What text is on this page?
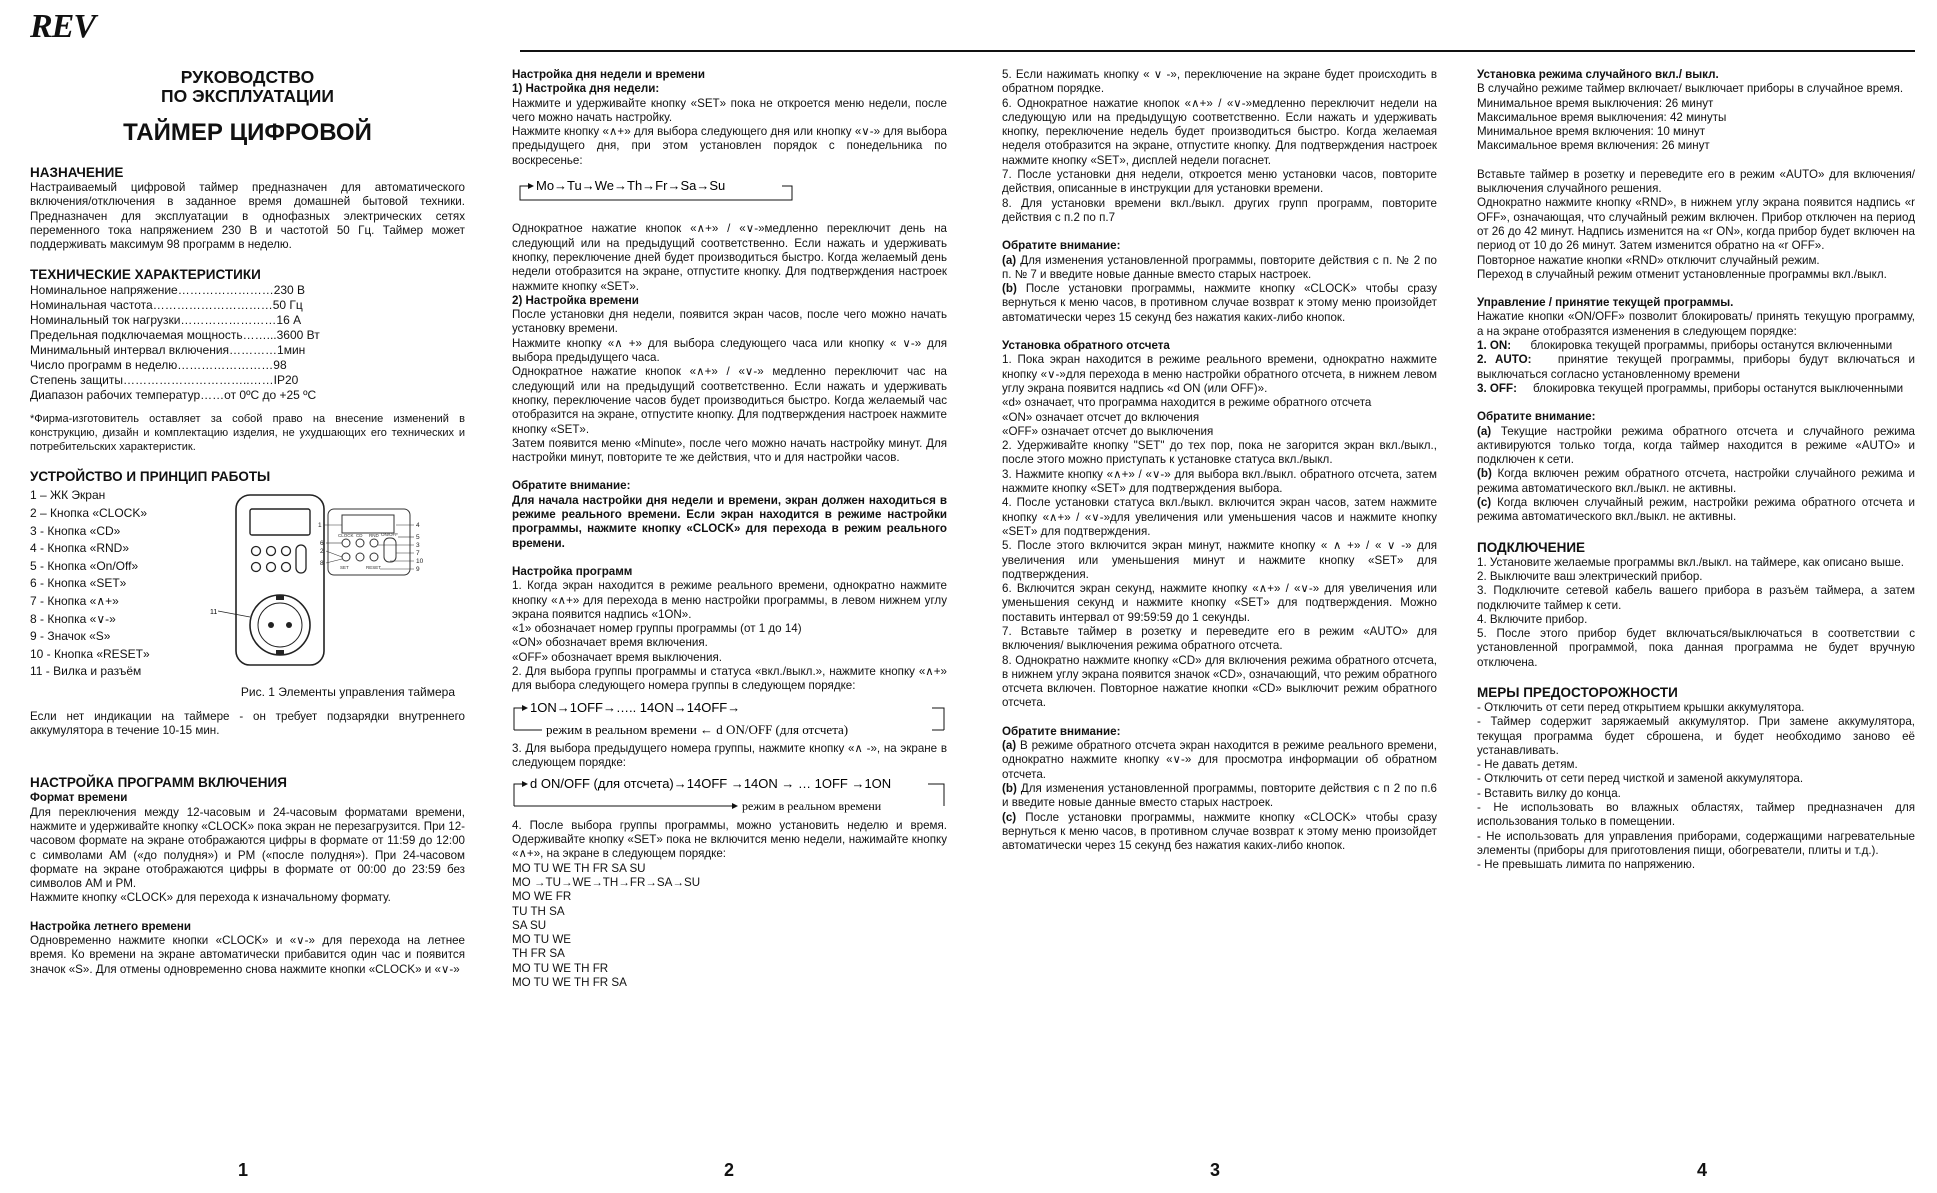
REV

РУКОВОДСТВО

ПО ЭКСПЛУАТАЦИИ

ТАЙМЕР ЦИФРОВОЙ

НАЗНАЧЕНИЕ

Настраиваемый цифровой таймер предназначен для автоматического включения/отключения в заданное время домашней бытовой техники. Предназначен для эксплуатации в однофазных электрических сетях переменного тока напряжением 230 В и частотой 50 Гц. Таймер может поддерживать максимум 98 программ в неделю.

ТЕХНИЧЕСКИЕ ХАРАКТЕРИСТИКИ

Номинальное напряжение……………………230 В

Номинальная частота…………………………50 Гц

Номинальный ток нагрузки……………………16 А

Предельная подключаемая мощность……...3600 Вт

Минимальный интервал включения…………1мин

Число программ в неделю……………………98

Степень защиты…………………………..……IP20

Диапазон рабочих температур……от 0ºС до +25 ºС

*Фирма-изготовитель оставляет за собой право на внесение изменений в конструкцию, дизайн и комплектацию изделия, не ухудшающих его технических и потребительских характеристик.

УСТРОЙСТВО И ПРИНЦИП РАБОТЫ

1 – ЖК Экран
2 – Кнопка «CLOCK»
3 - Кнопка «CD»
4 - Кнопка «RND»
5 - Кнопка «On/Off»
6 - Кнопка «SET»
7 - Кнопка «∧+»
8 - Кнопка «∨-»
9 - Значок «S»
10 - Кнопка «RESET»
11 - Вилка и разъём
11
CLOCK CD RND ON/OFF
SET	RESET
1
6
2
8
4
5
3
7
10
9

Рис. 1 Элементы управления таймера

Если нет индикации на таймере - он требует подзарядки внутреннего аккумулятора в течение 10-15 мин.

НАСТРОЙКА ПРОГРАММ ВКЛЮЧЕНИЯ

Формат времени

Для переключения между 12-часовым и 24-часовым форматами времени, нажмите и удерживайте кнопку «CLOCK» пока экран не перезагрузится. При 12-часовом формате на экране отображаются цифры в формате от 11:59 до 12:00 с символами AM («до полудня») и PM («после полудня»). При 24-часовом формате на экране отображаются цифры в формате от 00:00 до 23:59 без символов AM и PM.

Нажмите кнопку «CLOCK» для перехода к изначальному формату.

Настройка летнего времени

Одновременно нажмите кнопки «CLOCK» и «∨-» для перехода на летнее время. Ко времени на экране автоматически прибавится один час и появится значок «S». Для отмены одновременно снова нажмите кнопки «CLOCK» и «∨-»

Настройка дня недели и времени

1) Настройка дня недели:

Нажмите и удерживайте кнопку «SET» пока не откроется меню недели, после чего можно начать настройку.

Нажмите кнопку «∧+» для выбора следующего дня или кнопку «∨-» для выбора предыдущего дня, при этом установлен порядок с понедельника по воскресенье:

Mo→Tu→We→Th→Fr→Sa→Su

Однократное нажатие кнопок «∧+» / «∨-»медленно переключит день на следующий или на предыдущий соответственно. Если нажать и удерживать кнопку, переключение дней будет производиться быстро. Когда желаемый день недели отобразится на экране, отпустите кнопку. Для подтверждения настроек нажмите кнопку «SET».

2) Настройка времени

После установки дня недели, появится экран часов, после чего можно начать установку времени.

Нажмите кнопку «∧ +» для выбора следующего часа или кнопку « ∨-» для выбора предыдущего часа.

Однократное нажатие кнопок «∧+» / «∨-» медленно переключит час на следующий или на предыдущий соответственно. Если нажать и удерживать кнопку, переключение часов будет производиться быстро. Когда желаемый час отобразится на экране, отпустите кнопку. Для подтверждения настроек нажмите кнопку «SET».

Затем появится меню «Minute», после чего можно начать настройку минут. Для настройки минут, повторите те же действия, что и для настройки часов.

Обратите внимание:

Для начала настройки дня недели и времени, экран должен находиться в режиме реального времени. Если экран находится в режиме настройки программы, нажмите кнопку «CLOCK» для перехода в режим реального времени.

Настройка программ

1. Когда экран находится в режиме реального времени, однократно нажмите кнопку «∧+» для перехода в меню настройки программы, в левом нижнем углу экрана появится надпись «1ON».

«1» обозначает номер группы программы (от 1 до 14)

«ON» обозначает время включения.

«OFF» обозначает время выключения.

2. Для выбора группы программы и статуса «вкл./выкл.», нажмите кнопку «∧+» для выбора следующего номера группы в следующем порядке:

1ON→1OFF→….. 14ON→14OFF→
режим в реальном времени ← d ON/OFF (для отсчета)

3. Для выбора предыдущего номера группы, нажмите кнопку «∧ -», на экране в следующем порядке:

d ON/OFF (для отсчета)→14OFF →14ON → … 1OFF →1ON
режим в реальном времени

4. После выбора группы программы, можно установить неделю и время. Одерживайте кнопку «SET» пока не включится меню недели, нажимайте кнопку «∧+», на экране в следующем порядке:

MO TU WE TH FR SA SU

MO →TU→WE→TH→FR→SA→SU

MO WE FR

TU TH SA

SA SU

MO TU WE

TH FR SA

MO TU WE TH FR

MO TU WE TH FR SA

5. Если нажимать кнопку « ∨ -», переключение на экране будет происходить в обратном порядке.

6. Однократное нажатие кнопок «∧+» / «∨-»медленно переключит недели на следующую или на предыдущую соответственно. Если нажать и удерживать кнопку, переключение недель будет производиться быстро. Когда желаемая неделя отобразится на экране, отпустите кнопку. Для подтверждения настроек нажмите кнопку «SET», дисплей недели погаснет.

7. После установки дня недели, откроется меню установки часов, повторите действия, описанные в инструкции для установки времени.

8. Для установки времени вкл./выкл. других групп программ, повторите действия с п.2 по п.7

Обратите внимание:

(a) Для изменения установленной программы, повторите действия с п. № 2 по п. № 7 и введите новые данные вместо старых настроек.

(b) После установки программы, нажмите кнопку «CLOCK» чтобы сразу вернуться к меню часов, в противном случае возврат к этому меню произойдет автоматически через 15 секунд без нажатия каких-либо кнопок.

Установка обратного отсчета

1. Пока экран находится в режиме реального времени, однократно нажмите кнопку «∨-»для перехода в меню настройки обратного отсчета, в нижнем левом углу экрана появится надпись «d ON (или OFF)».

«d» означает, что программа находится в режиме обратного отсчета

«ON» означает отсчет до включения

«OFF» означает отсчет до выключения

2. Удерживайте кнопку "SET" до тех пор, пока не загорится экран вкл./выкл., после этого можно приступать к установке статуса вкл./выкл.

3. Нажмите кнопку «∧+» / «∨-» для выбора вкл./выкл. обратного отсчета, затем нажмите кнопку «SET» для подтверждения выбора.

4. После установки статуса вкл./выкл. включится экран часов, затем нажмите кнопку «∧+» / «∨-»для увеличения или уменьшения часов и нажмите кнопку «SET» для подтверждения.

5. После этого включится экран минут, нажмите кнопку « ∧ +» / « ∨ -» для увеличения или уменьшения минут и нажмите кнопку «SET» для подтверждения.

6. Включится экран секунд, нажмите кнопку «∧+» / «∨-» для увеличения или уменьшения секунд и нажмите кнопку «SET» для подтверждения. Можно поставить интервал от 99:59:59 до 1 секунды.

7. Вставьте таймер в розетку и переведите его в режим «AUTO» для включения/ выключения режима обратного отсчета.

8. Однократно нажмите кнопку «CD» для включения режима обратного отсчета, в нижнем углу экрана появится значок «CD», означающий, что режим обратного отсчета включен. Повторное нажатие кнопки «CD» выключит режим обратного отсчета.

Обратите внимание:

(a) В режиме обратного отсчета экран находится в режиме реального времени, однократно нажмите кнопку «∨-» для просмотра информации об обратном отсчета.

(b) Для изменения установленной программы, повторите действия с п 2 по п.6 и введите новые данные вместо старых настроек.

(c) После установки программы, нажмите кнопку «CLOCK» чтобы сразу вернуться к меню часов, в противном случае возврат к этому меню произойдет автоматически через 15 секунд без нажатия каких-либо кнопок.

Установка режима случайного вкл./ выкл.

В случайно режиме таймер включает/ выключает приборы в случайное время.

Минимальное время выключения: 26 минут

Максимальное время выключения: 42 минуты

Минимальное время включения: 10 минут

Максимальное время включения: 26 минут

Вставьте таймер в розетку и переведите его в режим «AUTO» для включения/ выключения случайного решения.

Однократно нажмите кнопку «RND», в нижнем углу экрана появится надпись «r OFF», означающая, что случайный режим включен. Прибор отключен на период от 26 до 42 минут. Надпись изменится на «r ON», когда прибор будет включен на период от 10 до 26 минут. Затем изменится обратно на «r OFF».

Повторное нажатие кнопки «RND» отключит случайный режим.

Переход в случайный режим отменит установленные программы вкл./выкл.

Управление / принятие текущей программы.

Нажатие кнопки «ON/OFF» позволит блокировать/ принять текущую программу, а на экране отобразятся изменения в следующем порядке:

1. ON: блокировка текущей программы, приборы останутся включенными

2. AUTO: принятие текущей программы, приборы будут включаться и выключаться согласно установленному времени

3. OFF: блокировка текущей программы, приборы останутся выключенными

Обратите внимание:

(a) Текущие настройки режима обратного отсчета и случайного режима активируются только тогда, когда таймер находится в режиме «AUTO» и подключен к сети.

(b) Когда включен режим обратного отсчета, настройки случайного режима и режима автоматического вкл./выкл. не активны.

(c) Когда включен случайный режим, настройки режима обратного отсчета и режима автоматического вкл./выкл. не активны.

ПОДКЛЮЧЕНИЕ

1. Установите желаемые программы вкл./выкл. на таймере, как описано выше.

2. Выключите ваш электрический прибор.

3. Подключите сетевой кабель вашего прибора в разъём таймера, а затем подключите таймер к сети.

4. Включите прибор.

5. После этого прибор будет включаться/выключаться в соответствии с установленной программой, пока данная программа не будет вручную отключена.

МЕРЫ ПРЕДОСТОРОЖНОСТИ

- Отключить от сети перед открытием крышки аккумулятора.

- Таймер содержит заряжаемый аккумулятор. При замене аккумулятора, текущая программа будет сброшена, и будет необходимо заново её устанавливать.

- Не давать детям.

- Отключить от сети перед чисткой и заменой аккумулятора.

- Вставить вилку до конца.

- Не использовать во влажных областях, таймер предназначен для использования только в помещении.

- Не использовать для управления приборами, содержащими нагревательные элементы (приборы для приготовления пищи, обогреватели, плиты и т.д.).

- Не превышать лимита по напряжению.

1	2	3	4
